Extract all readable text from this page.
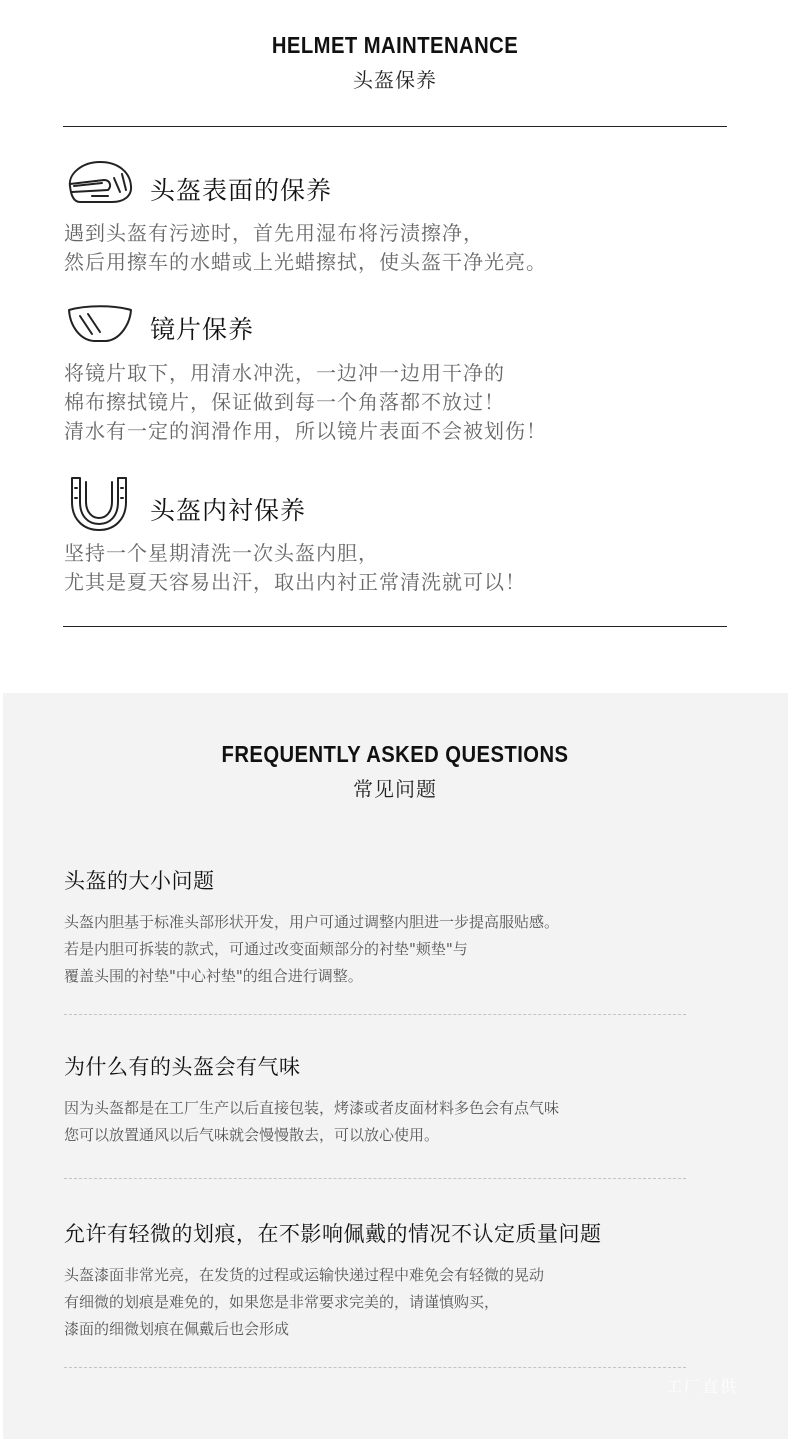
HELMET MAINTENANCE
头盔保养
头盔表面的保养
遇到头盔有污迹时，首先用湿布将污渍擦净，
然后用擦车的水蜡或上光蜡擦拭，使头盔干净光亮。
镜片保养
将镜片取下，用清水冲洗，一边冲一边用干净的
棉布擦拭镜片，保证做到每一个角落都不放过！
清水有一定的润滑作用，所以镜片表面不会被划伤！
头盔内衬保养
坚持一个星期清洗一次头盔内胆，
尤其是夏天容易出汗，取出内衬正常清洗就可以！
FREQUENTLY ASKED QUESTIONS
常见问题
头盔的大小问题
头盔内胆基于标准头部形状开发，用户可通过调整内胆进一步提高服贴感。
若是内胆可拆装的款式，可通过改变面颊部分的衬垫"颊垫"与
覆盖头围的衬垫"中心衬垫"的组合进行调整。
为什么有的头盔会有气味
因为头盔都是在工厂生产以后直接包装，烤漆或者皮面材料多色会有点气味
您可以放置通风以后气味就会慢慢散去，可以放心使用。
允许有轻微的划痕，在不影响佩戴的情况不认定质量问题
头盔漆面非常光亮，在发货的过程或运输快递过程中难免会有轻微的晃动
有细微的划痕是难免的，如果您是非常要求完美的，请谨慎购买，
漆面的细微划痕在佩戴后也会形成
工厂直供
